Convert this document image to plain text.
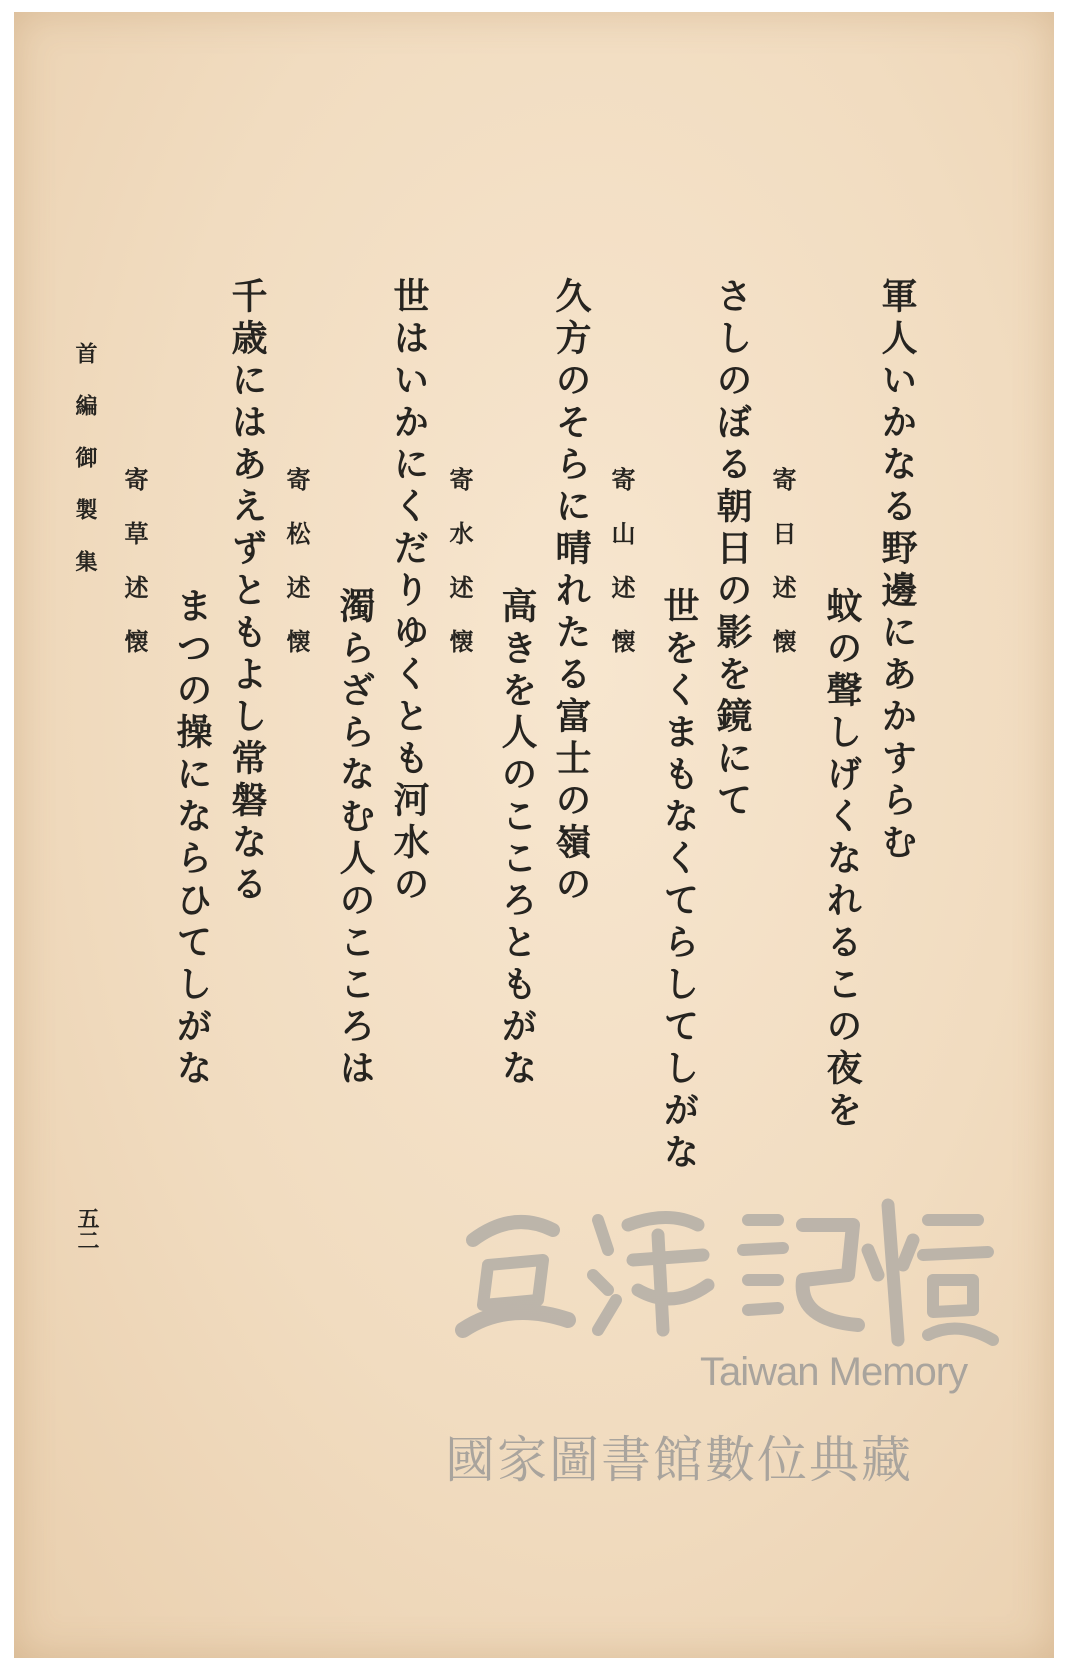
軍人いかなる野邊にあかすらむ
蚊の聲しげくなれるこの夜を
寄日述懐
さしのぼる朝日の影を鏡にて
世をくまもなくてらしてしがな
寄山述懐
久方のそらに晴れたる富士の嶺の
高きを人のこころともがな
寄水述懐
世はいかにくだりゆくとも河水の
濁らざらなむ人のこころは
寄松述懐
千歳にはあえずともよし常磐なる
まつの操にならひてしがな
寄草述懐
首編御製集
五二
Taiwan Memory
國家圖書館數位典藏
